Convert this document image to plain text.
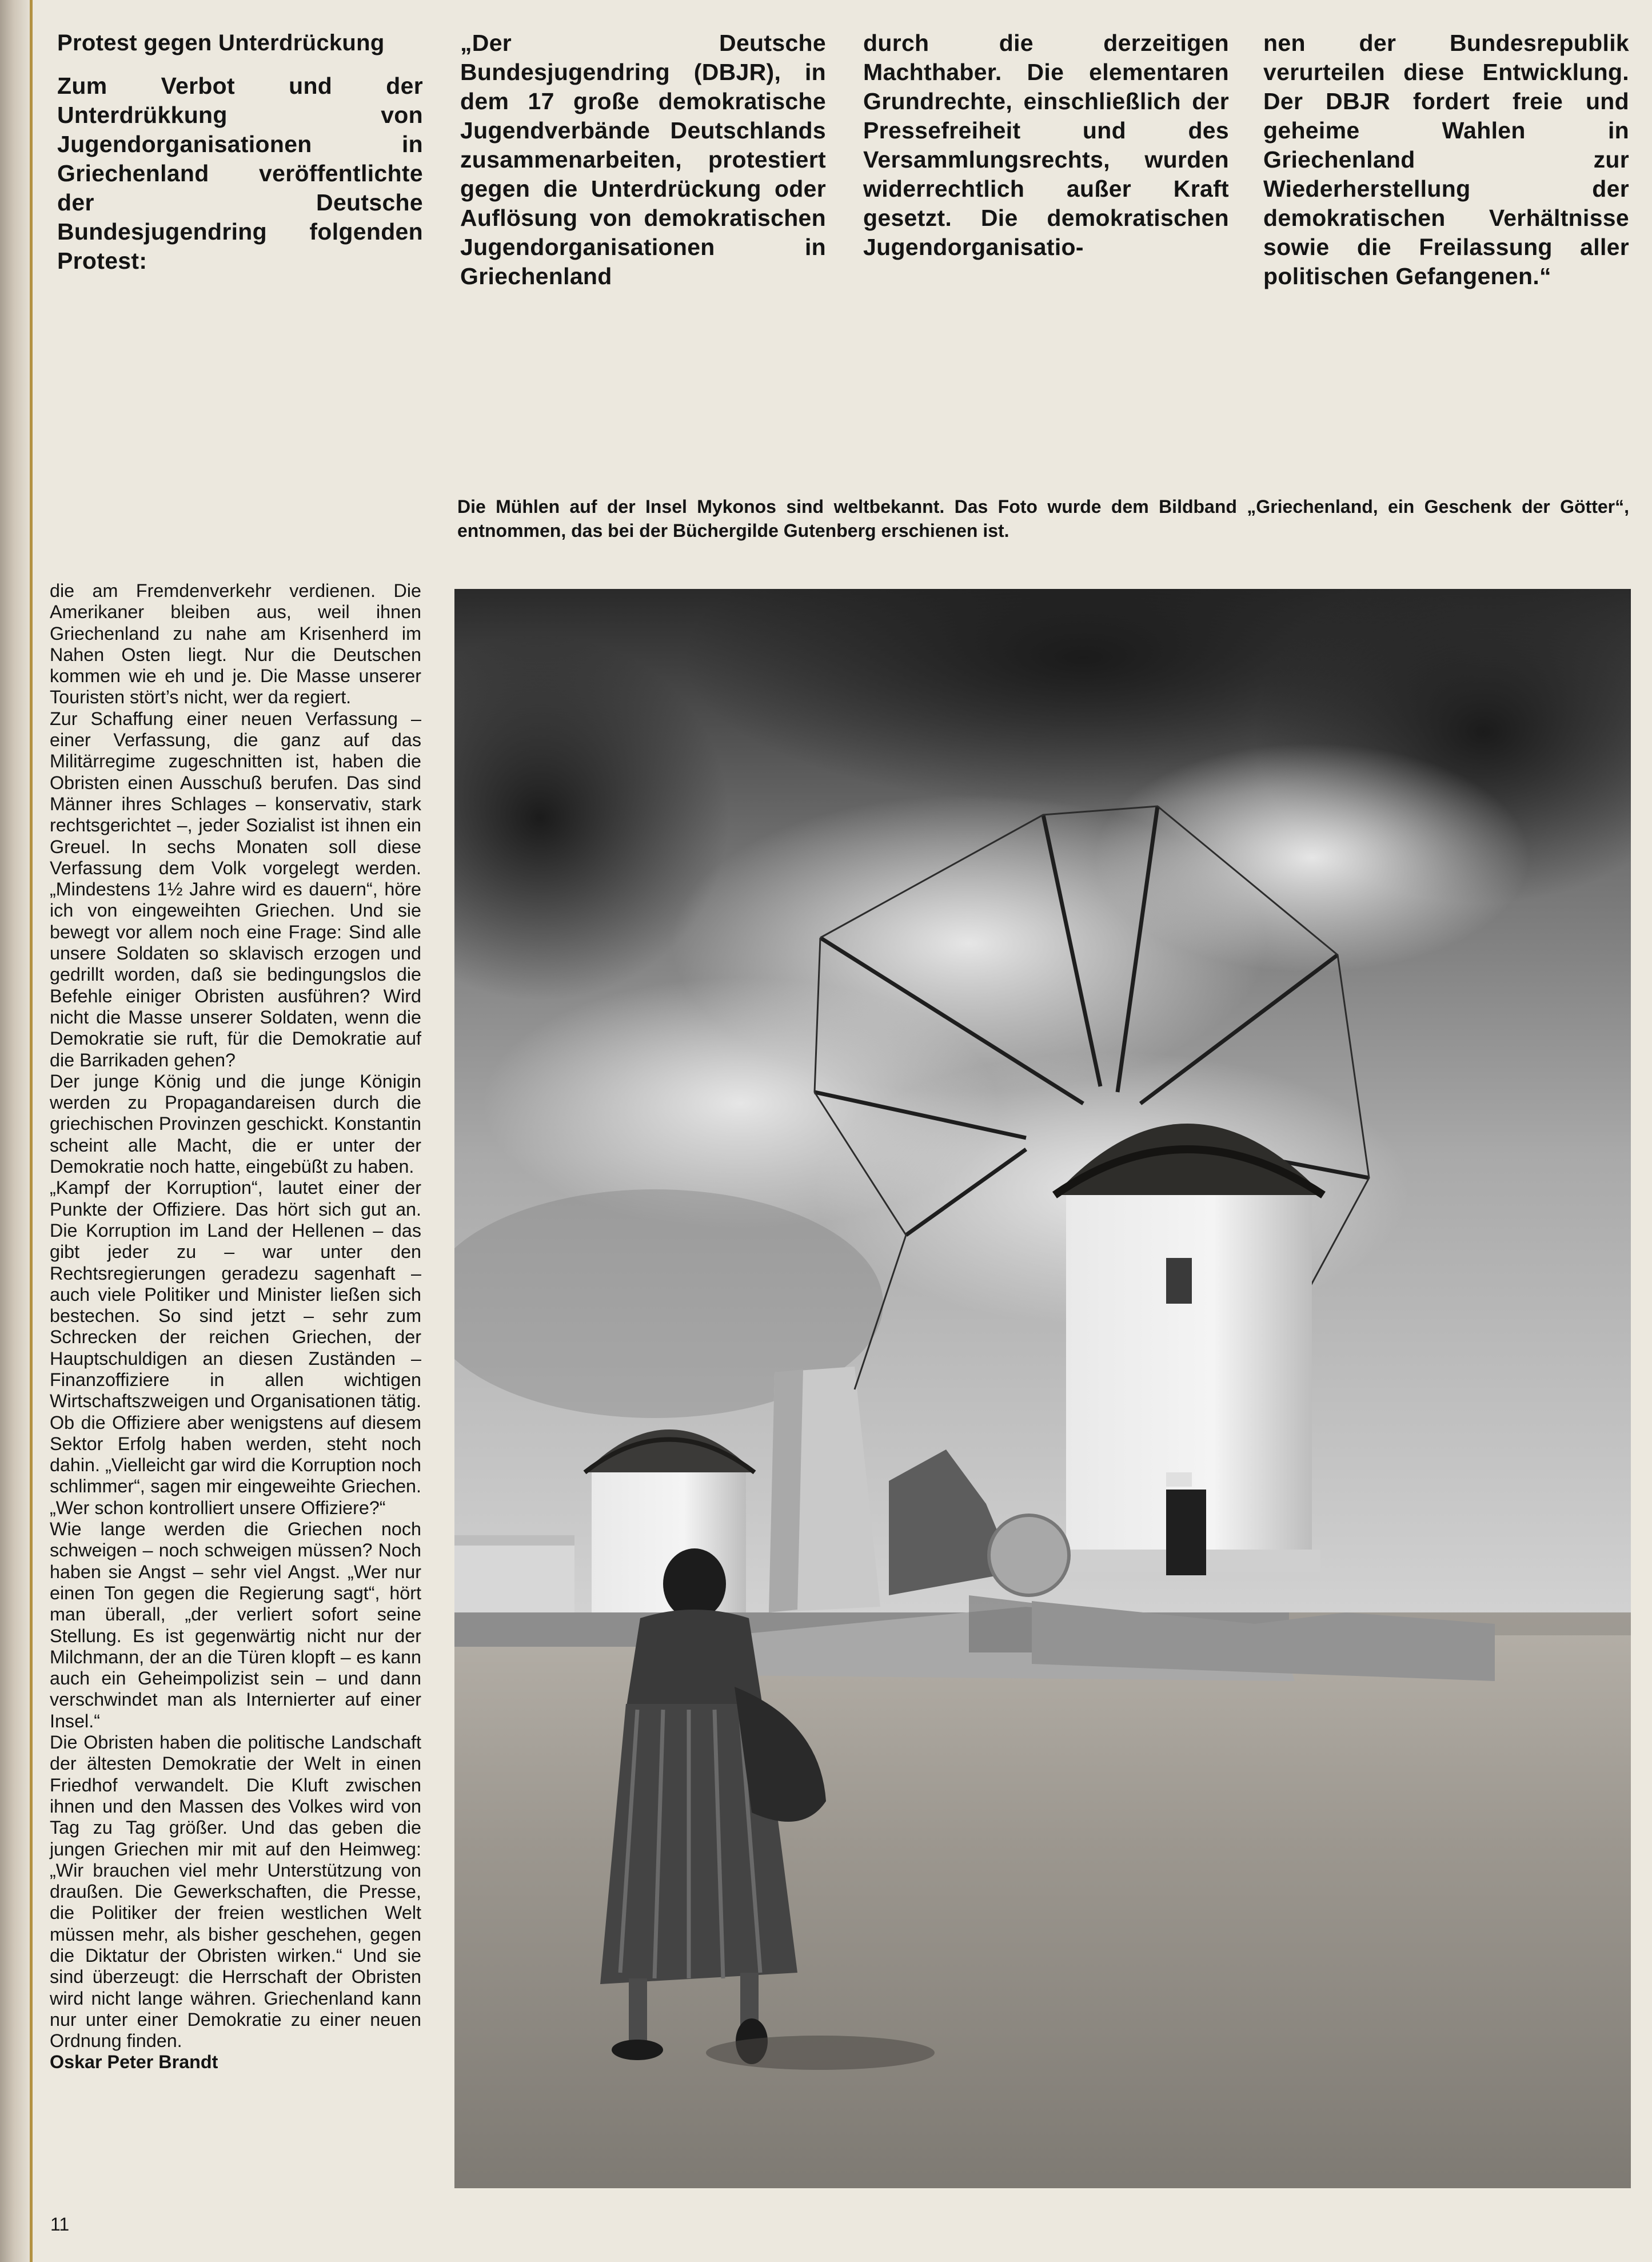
Protest gegen Unterdrückung
Zum Verbot und der Unterdrükkung von Jugendorganisationen in Griechenland veröffentlichte der Deutsche Bundesjugendring folgenden Protest:
„Der Deutsche Bundesjugendring (DBJR), in dem 17 große demokratische Jugendverbände Deutschlands zusammenarbeiten, protestiert gegen die Unterdrückung oder Auflösung von demokratischen Jugendorganisationen in Griechenland
durch die derzeitigen Machthaber. Die elementaren Grundrechte, einschließlich der Pressefreiheit und des Versammlungsrechts, wurden widerrechtlich außer Kraft gesetzt. Die demokratischen Jugendorganisatio-
nen der Bundesrepublik verurteilen diese Entwicklung. Der DBJR fordert freie und geheime Wahlen in Griechenland zur Wiederherstellung der demokratischen Verhältnisse sowie die Freilassung aller politischen Gefangenen.“
Die Mühlen auf der Insel Mykonos sind weltbekannt. Das Foto wurde dem Bildband „Griechenland, ein Geschenk der Götter“, entnommen, das bei der Büchergilde Gutenberg erschienen ist.

die am Fremdenverkehr verdienen. Die Amerikaner bleiben aus, weil ihnen Griechenland zu nahe am Krisenherd im Nahen Osten liegt. Nur die Deutschen kommen wie eh und je. Die Masse unserer Touristen stört’s nicht, wer da regiert.

Zur Schaffung einer neuen Verfassung – einer Verfassung, die ganz auf das Militärregime zugeschnitten ist, haben die Obristen einen Ausschuß berufen. Das sind Männer ihres Schlages – konservativ, stark rechtsgerichtet –, jeder Sozialist ist ihnen ein Greuel. In sechs Monaten soll diese Verfassung dem Volk vorgelegt werden. „Mindestens 1½ Jahre wird es dauern“, höre ich von eingeweihten Griechen. Und sie bewegt vor allem noch eine Frage: Sind alle unsere Soldaten so sklavisch erzogen und gedrillt worden, daß sie bedingungslos die Befehle einiger Obristen ausführen? Wird nicht die Masse unserer Soldaten, wenn die Demokratie sie ruft, für die Demokratie auf die Barrikaden gehen?

Der junge König und die junge Königin werden zu Propagandareisen durch die griechischen Provinzen geschickt. Konstantin scheint alle Macht, die er unter der Demokratie noch hatte, eingebüßt zu haben.

„Kampf der Korruption“, lautet einer der Punkte der Offiziere. Das hört sich gut an. Die Korruption im Land der Hellenen – das gibt jeder zu – war unter den Rechtsregierungen geradezu sagenhaft – auch viele Politiker und Minister ließen sich bestechen. So sind jetzt – sehr zum Schrecken der reichen Griechen, der Hauptschuldigen an diesen Zuständen – Finanzoffiziere in allen wichtigen Wirtschaftszweigen und Organisationen tätig. Ob die Offiziere aber wenigstens auf diesem Sektor Erfolg haben werden, steht noch dahin. „Vielleicht gar wird die Korruption noch schlimmer“, sagen mir eingeweihte Griechen. „Wer schon kontrolliert unsere Offiziere?“

Wie lange werden die Griechen noch schweigen – noch schweigen müssen? Noch haben sie Angst – sehr viel Angst. „Wer nur einen Ton gegen die Regierung sagt“, hört man überall, „der verliert sofort seine Stellung. Es ist gegenwärtig nicht nur der Milchmann, der an die Türen klopft – es kann auch ein Geheimpolizist sein – und dann verschwindet man als Internierter auf einer Insel.“

Die Obristen haben die politische Landschaft der ältesten Demokratie der Welt in einen Friedhof verwandelt. Die Kluft zwischen ihnen und den Massen des Volkes wird von Tag zu Tag größer. Und das geben die jungen Griechen mir mit auf den Heimweg: „Wir brauchen viel mehr Unterstützung von draußen. Die Gewerkschaften, die Presse, die Politiker der freien westlichen Welt müssen mehr, als bisher geschehen, gegen die Diktatur der Obristen wirken.“ Und sie sind überzeugt: die Herrschaft der Obristen wird nicht lange währen. Griechenland kann nur unter einer Demokratie zu einer neuen Ordnung finden.

Oskar Peter Brandt

11
